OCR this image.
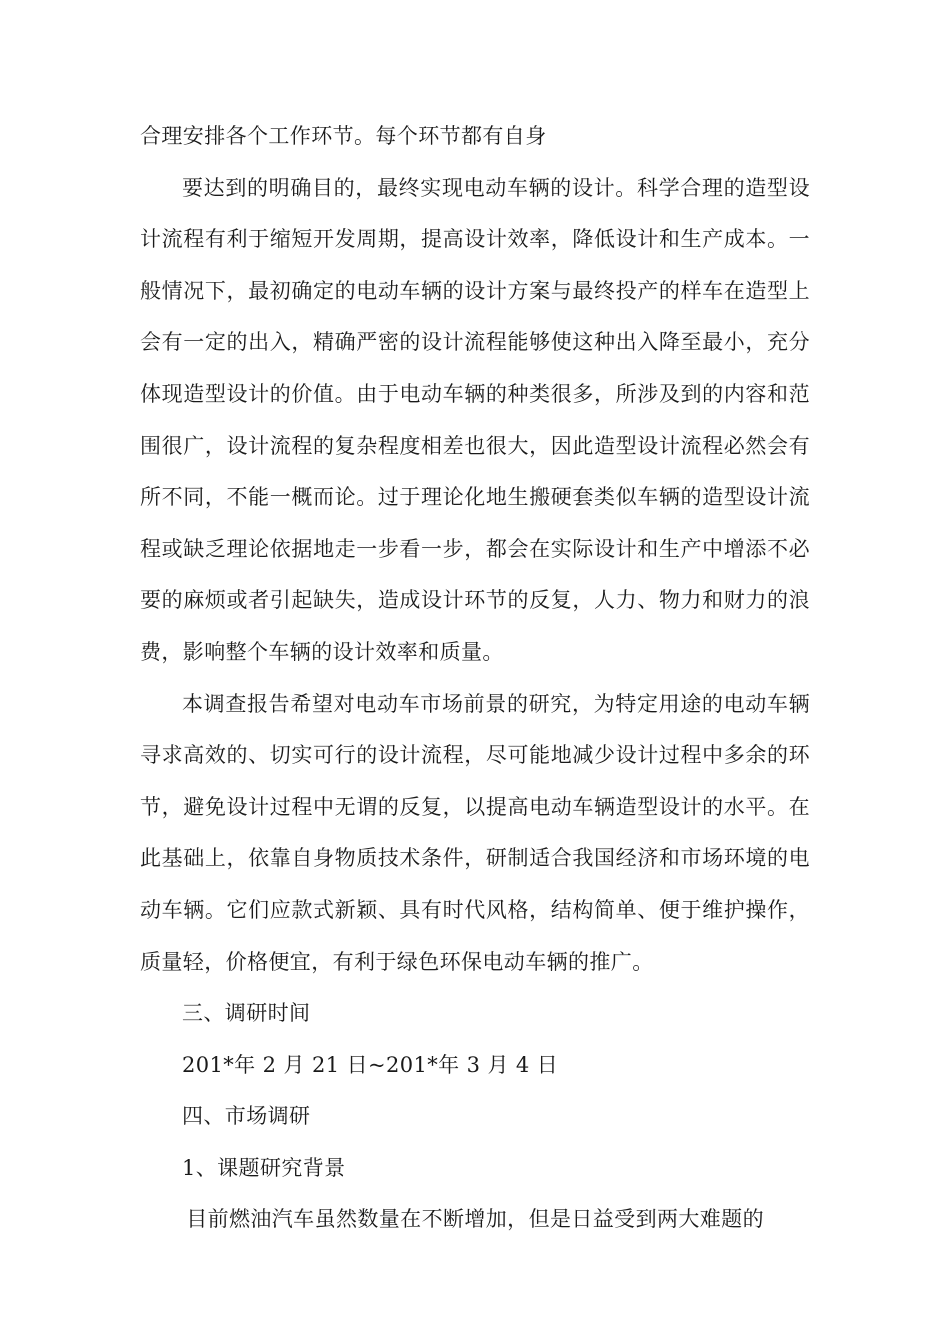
合理安排各个工作环节。每个环节都有自身

要达到的明确目的，最终实现电动车辆的设计。科学合理的造型设计流程有利于缩短开发周期，提高设计效率，降低设计和生产成本。一般情况下，最初确定的电动车辆的设计方案与最终投产的样车在造型上会有一定的出入，精确严密的设计流程能够使这种出入降至最小，充分体现造型设计的价值。由于电动车辆的种类很多，所涉及到的内容和范围很广，设计流程的复杂程度相差也很大，因此造型设计流程必然会有所不同，不能一概而论。过于理论化地生搬硬套类似车辆的造型设计流程或缺乏理论依据地走一步看一步，都会在实际设计和生产中增添不必要的麻烦或者引起缺失，造成设计环节的反复，人力、物力和财力的浪费，影响整个车辆的设计效率和质量。

本调查报告希望对电动车市场前景的研究，为特定用途的电动车辆寻求高效的、切实可行的设计流程，尽可能地减少设计过程中多余的环节，避免设计过程中无谓的反复，以提高电动车辆造型设计的水平。在此基础上，依靠自身物质技术条件，研制适合我国经济和市场环境的电动车辆。它们应款式新颖、具有时代风格，结构简单、便于维护操作，质量轻，价格便宜，有利于绿色环保电动车辆的推广。

三、调研时间

201*年 2 月 21 日~201*年 3 月 4 日

四、市场调研

1、课题研究背景

目前燃油汽车虽然数量在不断增加，但是日益受到两大难题的
